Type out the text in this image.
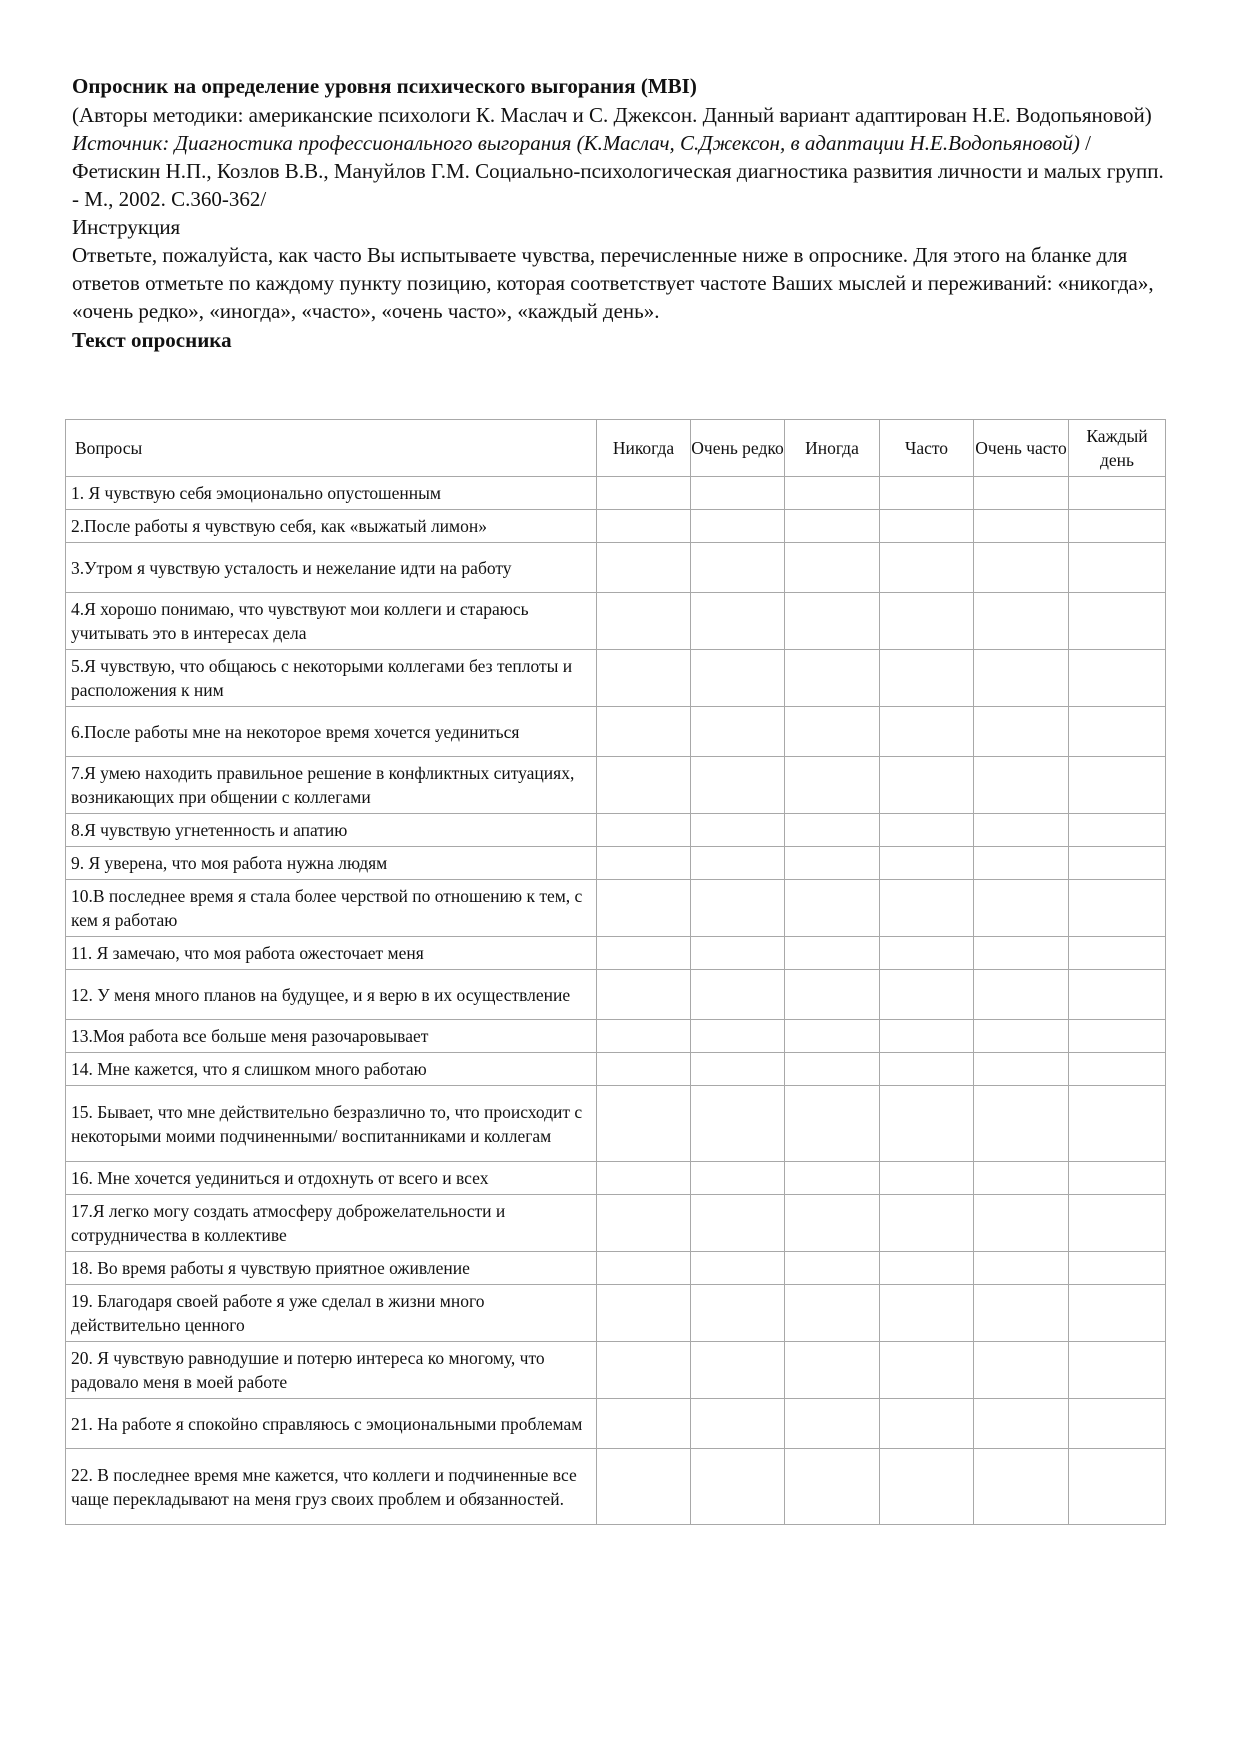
Опросник на определение уровня психического выгорания (MBI)

(Авторы методики: американские психологи К. Маслач и С. Джексон. Данный вариант адаптирован Н.Е. Водопьяновой)

Источник: Диагностика профессионального выгорания (К.Маслач, С.Джексон, в адаптации Н.Е.Водопьяновой) / Фетискин Н.П., Козлов В.В., Мануйлов Г.М. Социально-психологическая диагностика развития личности и малых групп. - М., 2002. С.360-362/

Инструкция

Ответьте, пожалуйста, как часто Вы испытываете чувства, перечисленные ниже в опроснике. Для этого на бланке для ответов отметьте по каждому пункту позицию, которая соответствует частоте Ваших мыслей и переживаний: «никогда», «очень редко», «иногда», «часто», «очень часто», «каждый день».

Текст опросника

Вопросы	Никогда	Очень редко	Иногда	Часто	Очень часто	Каждый день
1. Я чувствую себя эмоционально опустошенным						
2.После работы я чувствую себя, как «выжатый лимон»						
3.Утром я чувствую усталость и нежелание идти на работу						
4.Я хорошо понимаю, что чувствуют мои коллеги и стараюсь учитывать это в интересах дела						
5.Я чувствую, что общаюсь с некоторыми коллегами без теплоты и расположения к ним						
6.После работы мне на некоторое время хочется уединиться						
7.Я умею находить правильное решение в конфликтных ситуациях, возникающих при общении с коллегами						
8.Я чувствую угнетенность и апатию						
9. Я уверена, что моя работа нужна людям						
10.В последнее время я стала более черствой по отношению к тем, с кем я работаю						
11. Я замечаю, что моя работа ожесточает меня						
12. У меня много планов на будущее, и я верю в их осуществление						
13.Моя работа все больше меня разочаровывает						
14. Мне кажется, что я слишком много работаю						
15. Бывает, что мне действительно безразлично то, что происходит с некоторыми моими подчиненными/ воспитанниками и коллегам						
16. Мне хочется уединиться и отдохнуть от всего и всех						
17.Я легко могу создать атмосферу доброжелательности и сотрудничества в коллективе						
18. Во время работы я чувствую приятное оживление						
19. Благодаря своей работе я уже сделал в жизни много действительно ценного						
20. Я чувствую равнодушие и потерю интереса ко многому, что радовало меня в моей работе						
21. На работе я спокойно справляюсь с эмоциональными проблемам						
22. В последнее время мне кажется, что коллеги и подчиненные все чаще перекладывают на меня груз своих проблем и обязанностей.						
